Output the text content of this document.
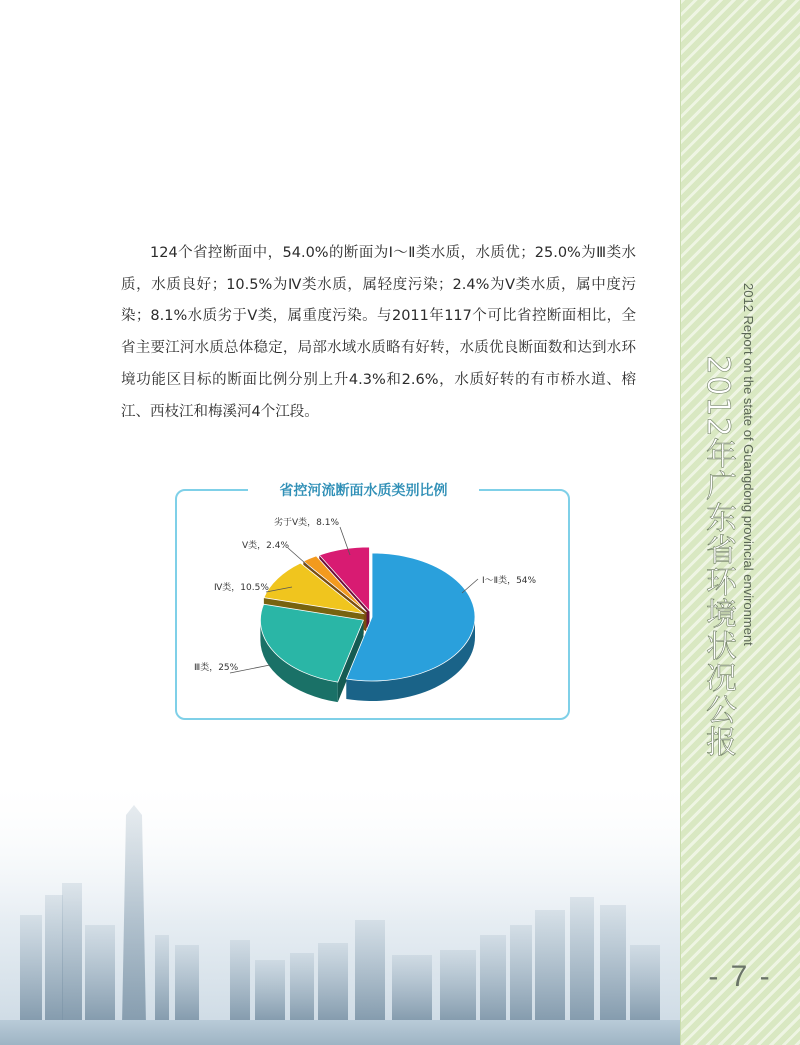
2012年广东省环境状况公报 2012 Report on the state of Guangdong provincial environment
- 7 -

124个省控断面中，54.0%的断面为Ⅰ～Ⅱ类水质，水质优；25.0%为Ⅲ类水质，水质良好；10.5%为Ⅳ类水质，属轻度污染；2.4%为Ⅴ类水质，属中度污染；8.1%水质劣于Ⅴ类，属重度污染。与2011年117个可比省控断面相比，全省主要江河水质总体稳定，局部水域水质略有好转，水质优良断面数和达到水环境功能区目标的断面比例分别上升4.3%和2.6%，水质好转的有市桥水道、榕江、西枝江和梅溪河4个江段。

省控河流断面水质类别比例
Ⅰ～Ⅱ类，54%
Ⅲ类，25%
Ⅳ类，10.5%
Ⅴ类，2.4%
劣于Ⅴ类，8.1%
